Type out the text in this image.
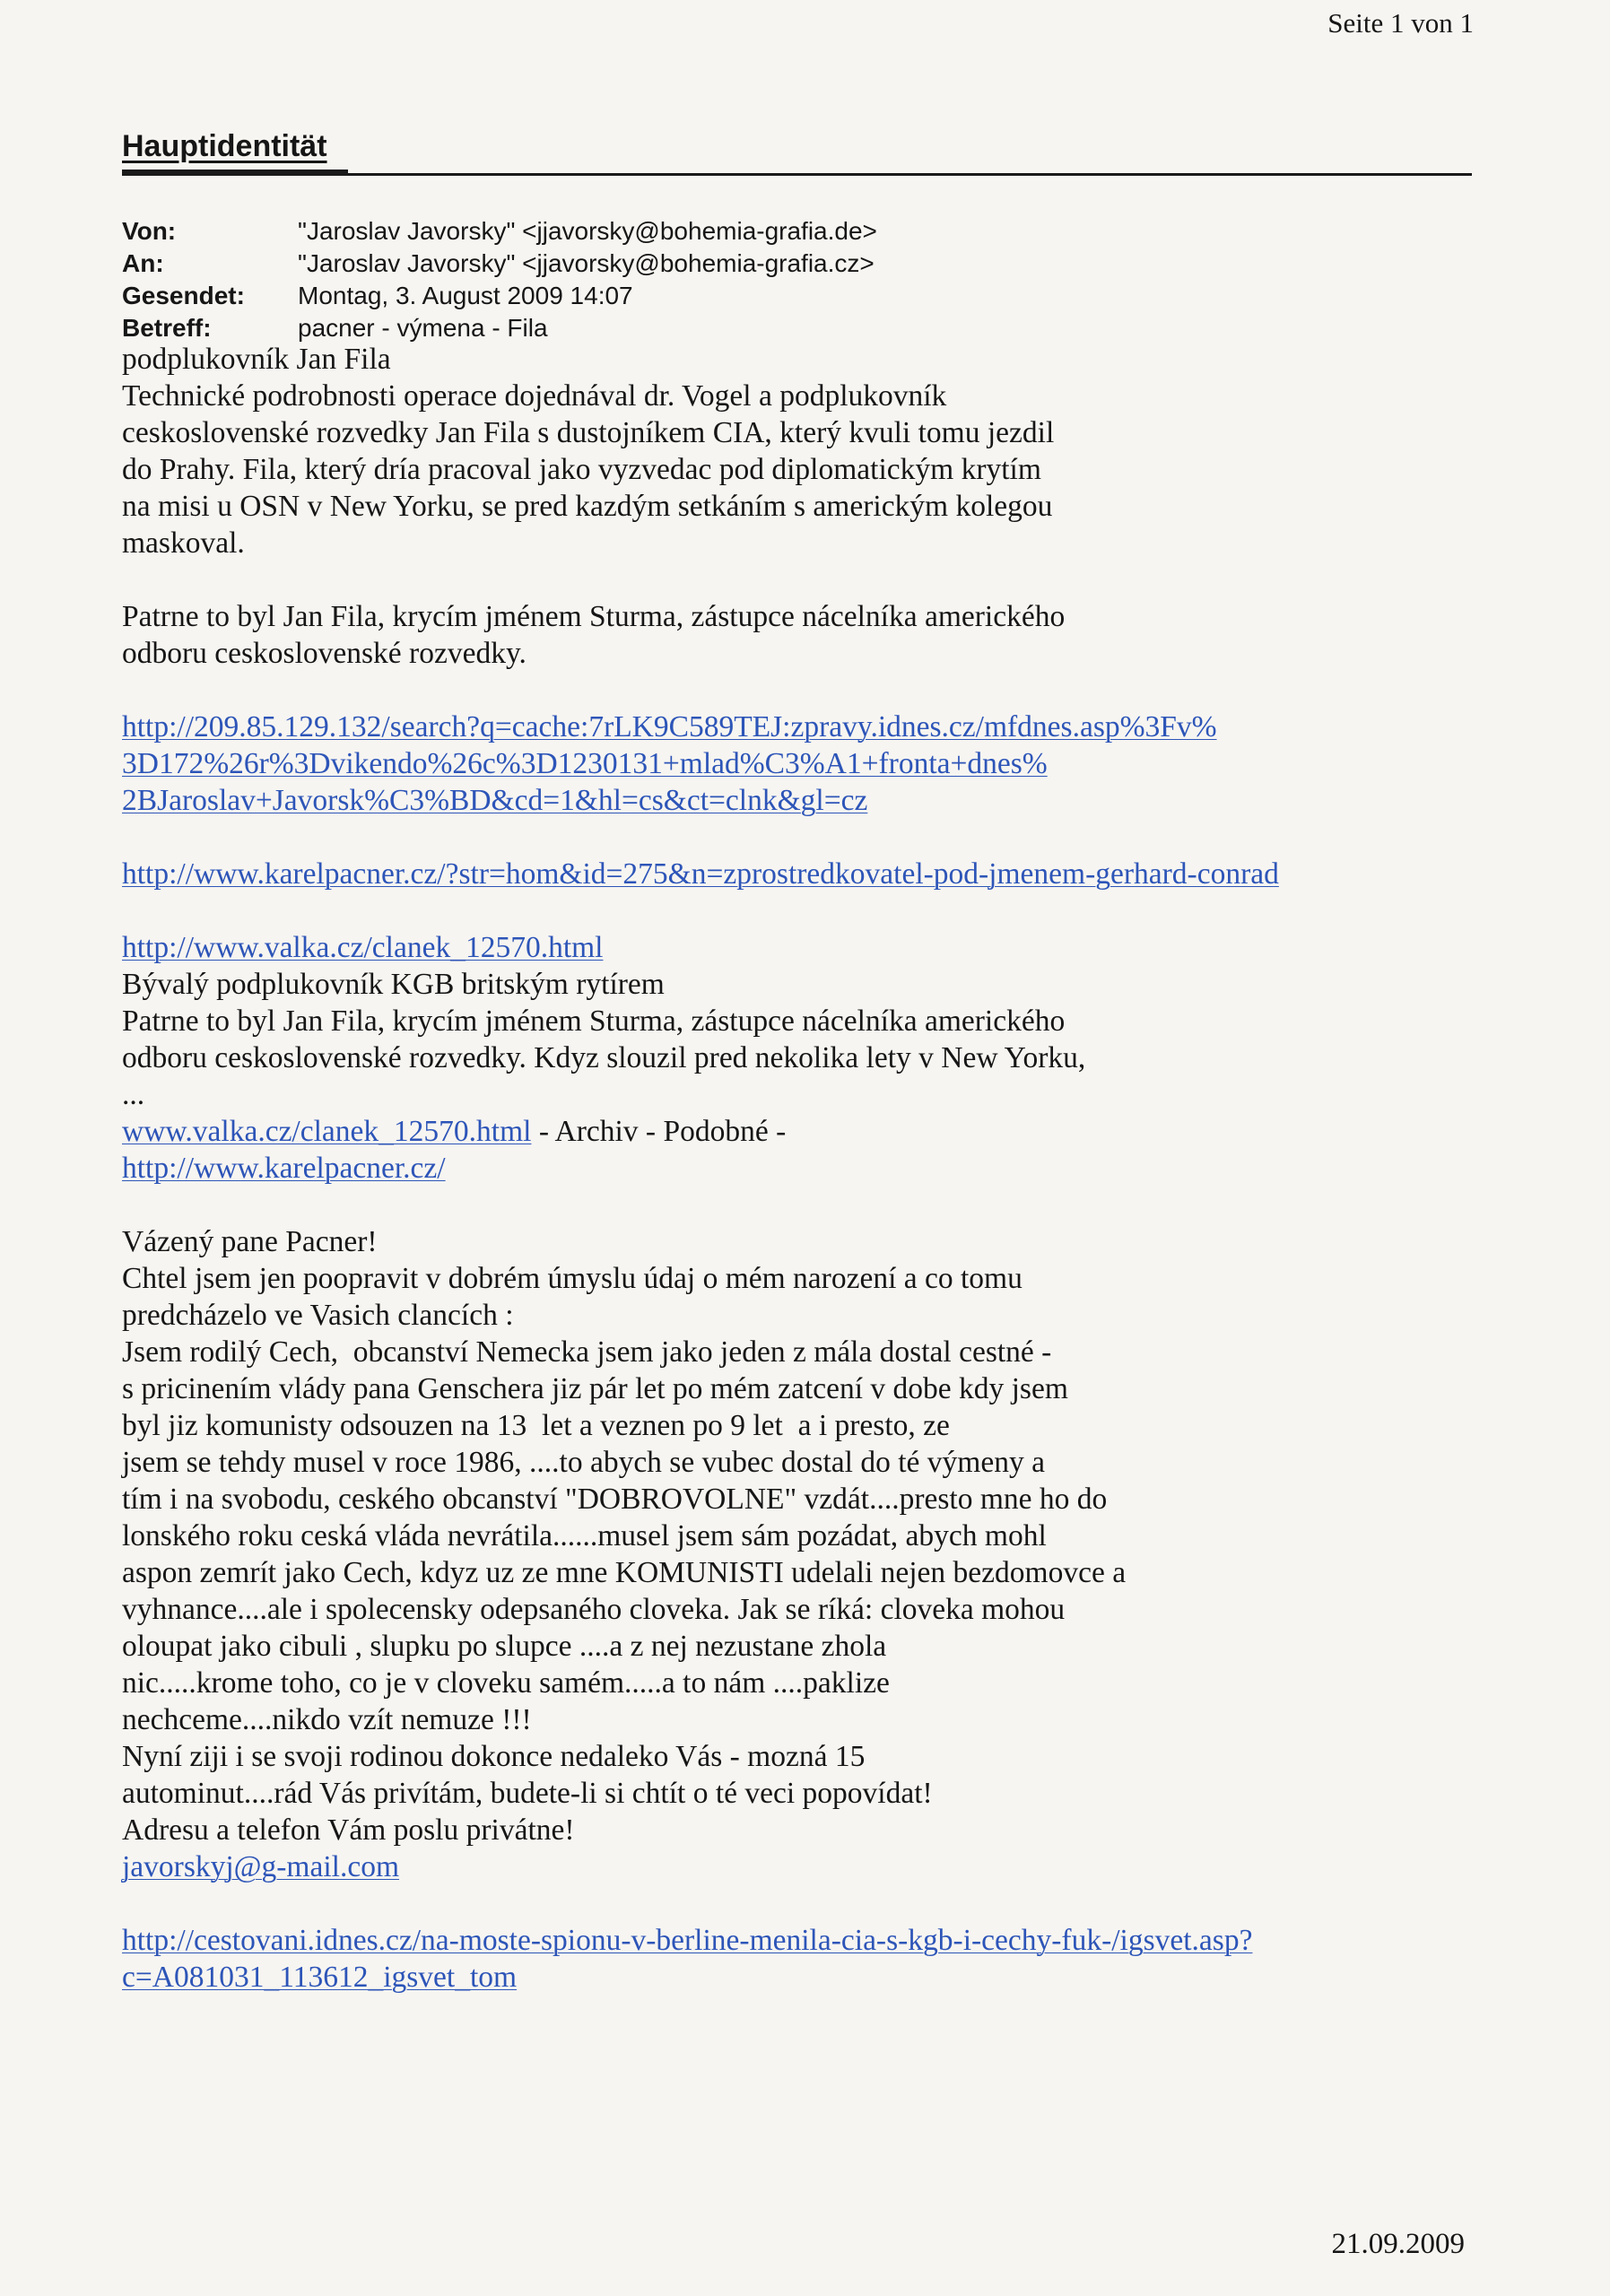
Seite 1 von 1
Hauptidentität
Von:	"Jaroslav Javorsky" <jjavorsky@bohemia-grafia.de>
An:	"Jaroslav Javorsky" <jjavorsky@bohemia-grafia.cz>
Gesendet:	Montag, 3. August 2009 14:07
Betreff:	pacner - výmena - Fila
podplukovník Jan Fila
Technické podrobnosti operace dojednával dr. Vogel a podplukovník
ceskoslovenské rozvedky Jan Fila s dustojníkem CIA, který kvuli tomu jezdil
do Prahy. Fila, který dría pracoval jako vyzvedac pod diplomatickým krytím
na misi u OSN v New Yorku, se pred kazdým setkáním s americkým kolegou
maskoval.
Patrne to byl Jan Fila, krycím jménem Sturma, zástupce nácelníka amerického
odboru ceskoslovenské rozvedky.
http://209.85.129.132/search?q=cache:7rLK9C589TEJ:zpravy.idnes.cz/mfdnes.asp%3Fv%
3D172%26r%3Dvikendo%26c%3D1230131+mlad%C3%A1+fronta+dnes%
2BJaroslav+Javorsk%C3%BD&cd=1&hl=cs&ct=clnk&gl=cz
http://www.karelpacner.cz/?str=hom&id=275&n=zprostredkovatel-pod-jmenem-gerhard-conrad
http://www.valka.cz/clanek_12570.html
Bývalý podplukovník KGB britským rytírem
Patrne to byl Jan Fila, krycím jménem Sturma, zástupce nácelníka amerického
odboru ceskoslovenské rozvedky. Kdyz slouzil pred nekolika lety v New Yorku,
...
www.valka.cz/clanek_12570.html - Archiv - Podobné -
http://www.karelpacner.cz/
Vázený pane Pacner!
Chtel jsem jen poopravit v dobrém úmyslu údaj o mém narození a co tomu
predcházelo ve Vasich clancích :
Jsem rodilý Cech,  obcanství Nemecka jsem jako jeden z mála dostal cestné -
s pricinením vlády pana Genschera jiz pár let po mém zatcení v dobe kdy jsem
byl jiz komunisty odsouzen na 13  let a veznen po 9 let  a i presto, ze
jsem se tehdy musel v roce 1986, ....to abych se vubec dostal do té výmeny a
tím i na svobodu, ceského obcanství "DOBROVOLNE" vzdát....presto mne ho do
lonského roku ceská vláda nevrátila......musel jsem sám pozádat, abych mohl
aspon zemrít jako Cech, kdyz uz ze mne KOMUNISTI udelali nejen bezdomovce a
vyhnance....ale i spolecensky odepsaného cloveka. Jak se ríká: cloveka mohou
oloupat jako cibuli , slupku po slupce ....a z nej nezustane zhola
nic.....krome toho, co je v cloveku samém.....a to nám ....paklize
nechceme....nikdo vzít nemuze !!!
Nyní ziji i se svoji rodinou dokonce nedaleko Vás - mozná 15
autominut....rád Vás privítám, budete-li si chtít o té veci popovídat!
Adresu a telefon Vám poslu privátne!
javorskyj@g-mail.com
http://cestovani.idnes.cz/na-moste-spionu-v-berline-menila-cia-s-kgb-i-cechy-fuk-/igsvet.asp?
c=A081031_113612_igsvet_tom
21.09.2009
